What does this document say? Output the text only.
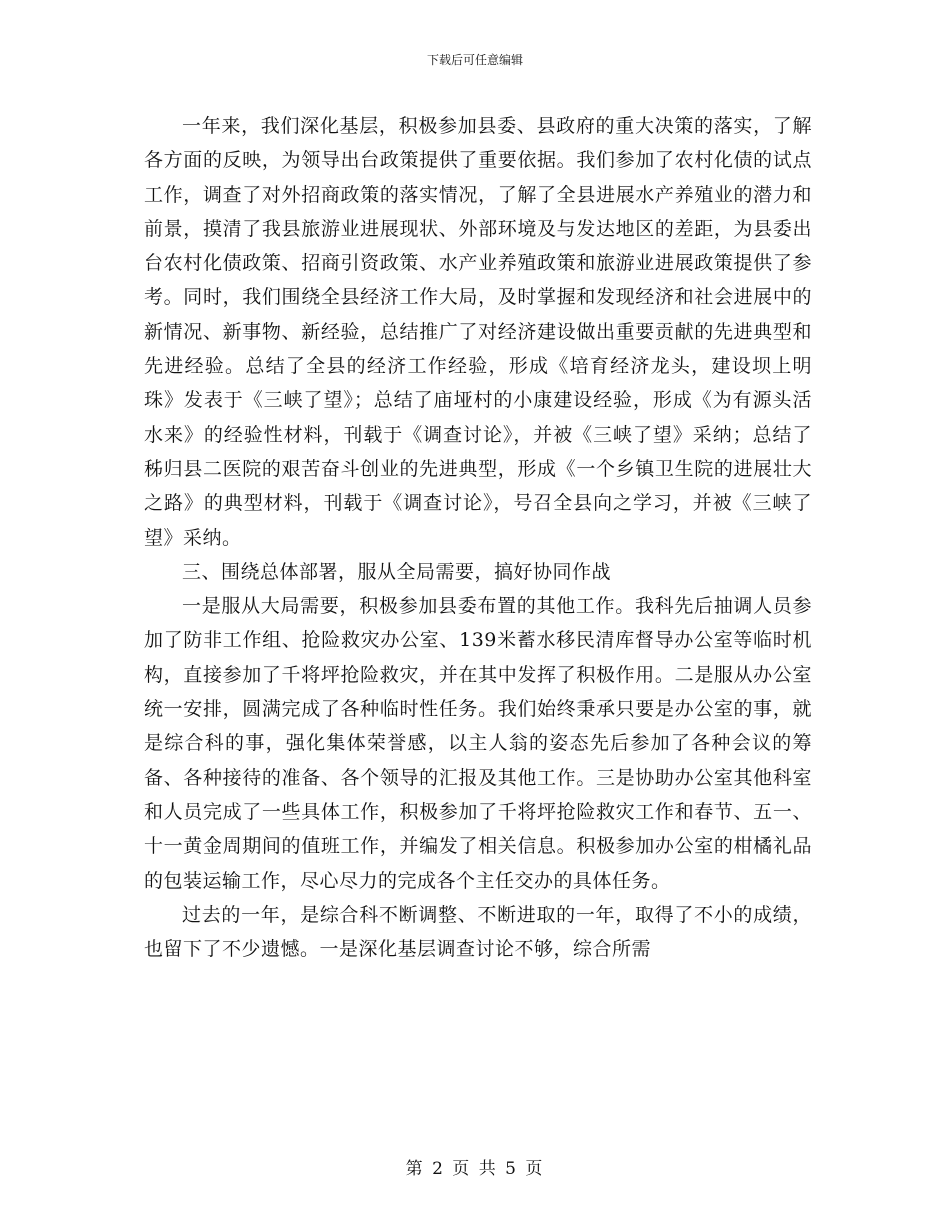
下载后可任意编辑

一年来，我们深化基层，积极参加县委、县政府的重大决策的落实，了解各方面的反映，为领导出台政策提供了重要依据。我们参加了农村化债的试点工作，调查了对外招商政策的落实情况，了解了全县进展水产养殖业的潜力和前景，摸清了我县旅游业进展现状、外部环境及与发达地区的差距，为县委出台农村化债政策、招商引资政策、水产业养殖政策和旅游业进展政策提供了参考。同时，我们围绕全县经济工作大局，及时掌握和发现经济和社会进展中的新情况、新事物、新经验，总结推广了对经济建设做出重要贡献的先进典型和先进经验。总结了全县的经济工作经验，形成《培育经济龙头，建设坝上明珠》发表于《三峡了望》；总结了庙垭村的小康建设经验，形成《为有源头活水来》的经验性材料，刊载于《调查讨论》，并被《三峡了望》采纳；总结了秭归县二医院的艰苦奋斗创业的先进典型，形成《一个乡镇卫生院的进展壮大之路》的典型材料，刊载于《调查讨论》，号召全县向之学习，并被《三峡了望》采纳。

三、围绕总体部署，服从全局需要，搞好协同作战

一是服从大局需要，积极参加县委布置的其他工作。我科先后抽调人员参加了防非工作组、抢险救灾办公室、139米蓄水移民清库督导办公室等临时机构，直接参加了千将坪抢险救灾，并在其中发挥了积极作用。二是服从办公室统一安排，圆满完成了各种临时性任务。我们始终秉承只要是办公室的事，就是综合科的事，强化集体荣誉感，以主人翁的姿态先后参加了各种会议的筹备、各种接待的准备、各个领导的汇报及其他工作。三是协助办公室其他科室和人员完成了一些具体工作，积极参加了千将坪抢险救灾工作和春节、五一、十一黄金周期间的值班工作，并编发了相关信息。积极参加办公室的柑橘礼品的包装运输工作，尽心尽力的完成各个主任交办的具体任务。

过去的一年，是综合科不断调整、不断进取的一年，取得了不小的成绩，也留下了不少遗憾。一是深化基层调查讨论不够，综合所需

第 2 页 共 5 页
